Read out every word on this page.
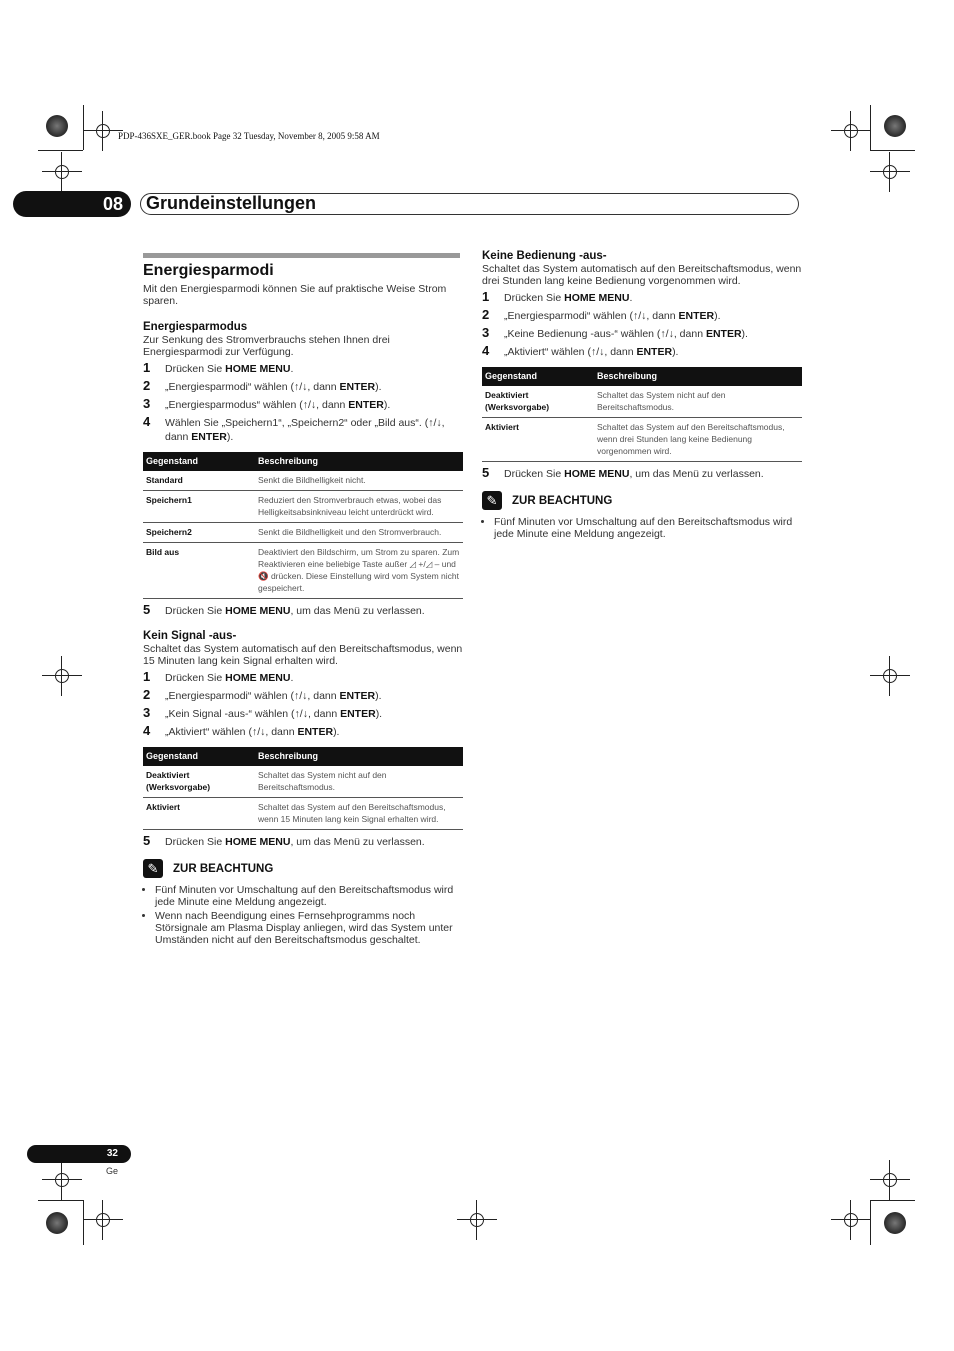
PDP-436SXE_GER.book Page 32 Tuesday, November 8, 2005 9:58 AM
08	Grundeinstellungen
Energiesparmodi

Mit den Energiesparmodi können Sie auf praktische Weise Strom sparen.

Energiesparmodus

Zur Senkung des Stromverbrauchs stehen Ihnen drei Energiesparmodi zur Verfügung.

1	Drücken Sie HOME MENU.
2	„Energiesparmodi“ wählen (↑/↓, dann ENTER).
3	„Energiesparmodus“ wählen (↑/↓, dann ENTER).
4	Wählen Sie „Speichern1“, „Speichern2“ oder „Bild aus“. (↑/↓, dann ENTER).
Gegenstand	Beschreibung
Standard	Senkt die Bildhelligkeit nicht.
Speichern1	Reduziert den Stromverbrauch etwas, wobei das Helligkeitsabsinkniveau leicht unterdrückt wird.
Speichern2	Senkt die Bildhelligkeit und den Stromverbrauch.
Bild aus	Deaktiviert den Bildschirm, um Strom zu sparen. Zum Reaktivieren eine beliebige Taste außer ◿ +/◿ – und 🔇 drücken. Diese Einstellung wird vom System nicht gespeichert.
5	Drücken Sie HOME MENU, um das Menü zu verlassen.
Kein Signal -aus-

Schaltet das System automatisch auf den Bereitschaftsmodus, wenn 15 Minuten lang kein Signal erhalten wird.

1	Drücken Sie HOME MENU.
2	„Energiesparmodi“ wählen (↑/↓, dann ENTER).
3	„Kein Signal -aus-“ wählen (↑/↓, dann ENTER).
4	„Aktiviert“ wählen (↑/↓, dann ENTER).
Gegenstand	Beschreibung
Deaktiviert (Werksvorgabe)	Schaltet das System nicht auf den Bereitschaftsmodus.
Aktiviert	Schaltet das System auf den Bereitschaftsmodus, wenn 15 Minuten lang kein Signal erhalten wird.
5	Drücken Sie HOME MENU, um das Menü zu verlassen.
✎	ZUR BEACHTUNG
• Fünf Minuten vor Umschaltung auf den Bereitschaftsmodus wird jede Minute eine Meldung angezeigt.
• Wenn nach Beendigung eines Fernsehprogramms noch Störsignale am Plasma Display anliegen, wird das System unter Umständen nicht auf den Bereitschaftsmodus geschaltet.
Keine Bedienung -aus-

Schaltet das System automatisch auf den Bereitschaftsmodus, wenn drei Stunden lang keine Bedienung vorgenommen wird.

1	Drücken Sie HOME MENU.
2	„Energiesparmodi“ wählen (↑/↓, dann ENTER).
3	„Keine Bedienung -aus-“ wählen (↑/↓, dann ENTER).
4	„Aktiviert“ wählen (↑/↓, dann ENTER).
Gegenstand	Beschreibung
Deaktiviert (Werksvorgabe)	Schaltet das System nicht auf den Bereitschaftsmodus.
Aktiviert	Schaltet das System auf den Bereitschaftsmodus, wenn drei Stunden lang keine Bedienung vorgenommen wird.
5	Drücken Sie HOME MENU, um das Menü zu verlassen.
✎	ZUR BEACHTUNG
• Fünf Minuten vor Umschaltung auf den Bereitschaftsmodus wird jede Minute eine Meldung angezeigt.
32
Ge
